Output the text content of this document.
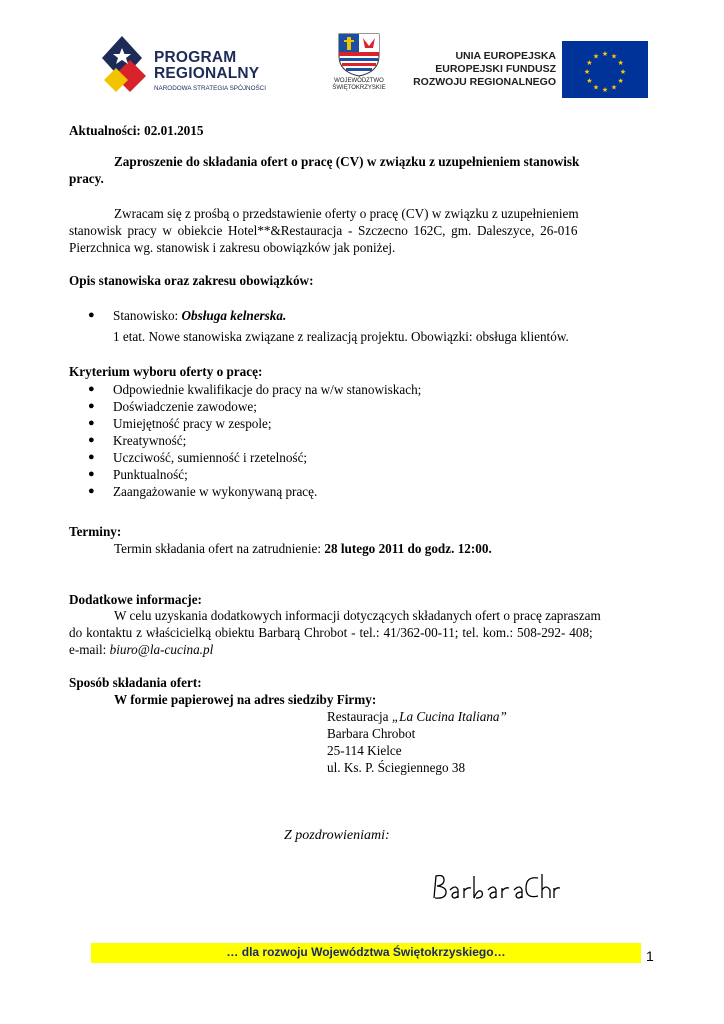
PROGRAM
REGIONALNY
NARODOWA STRATEGIA SPÓJNOŚCI
WOJEWÓDZTWO
ŚWIĘTOKRZYSKIE
UNIA EUROPEJSKA
EUROPEJSKI FUNDUSZ
ROZWOJU REGIONALNEGO
★ ★
★
★
★
★
★
★
★
★
★
★
Aktualności: 02.01.2015
Zaproszenie do składania ofert o pracę (CV) w związku z uzupełnieniem stanowisk
pracy.
Zwracam się z prośbą o przedstawienie oferty o pracę (CV) w związku z uzupełnieniem
stanowisk pracy w obiekcie Hotel**&Restauracja - Szczecno 162C, gm. Daleszyce, 26-016
Pierzchnica wg. stanowisk i zakresu obowiązków jak poniżej.
Opis stanowiska oraz zakresu obowiązków:
● Stanowisko: Obsługa kelnerska.
1 etat. Nowe stanowiska związane z realizacją projektu. Obowiązki: obsługa klientów.
Kryterium wyboru oferty o pracę:
● Odpowiednie kwalifikacje do pracy na w/w stanowiskach;
● Doświadczenie zawodowe;
● Umiejętność pracy w zespole;
● Kreatywność;
● Uczciwość, sumienność i rzetelność;
● Punktualność;
● Zaangażowanie w wykonywaną pracę.
Terminy:
Termin składania ofert na zatrudnienie: 28 lutego 2011 do godz. 12:00.
Dodatkowe informacje:
W celu uzyskania dodatkowych informacji dotyczących składanych ofert o pracę zapraszam
do kontaktu z właścicielką obiektu Barbarą Chrobot - tel.: 41/362-00-11; tel. kom.: 508-292- 408;
e-mail: biuro@la-cucina.pl
Sposób składania ofert:
W formie papierowej na adres siedziby Firmy:
Restauracja „La Cucina Italiana”
Barbara Chrobot
25-114 Kielce
ul. Ks. P. Ściegiennego 38
Z pozdrowieniami:
… dla rozwoju Województwa Świętokrzyskiego…	1
